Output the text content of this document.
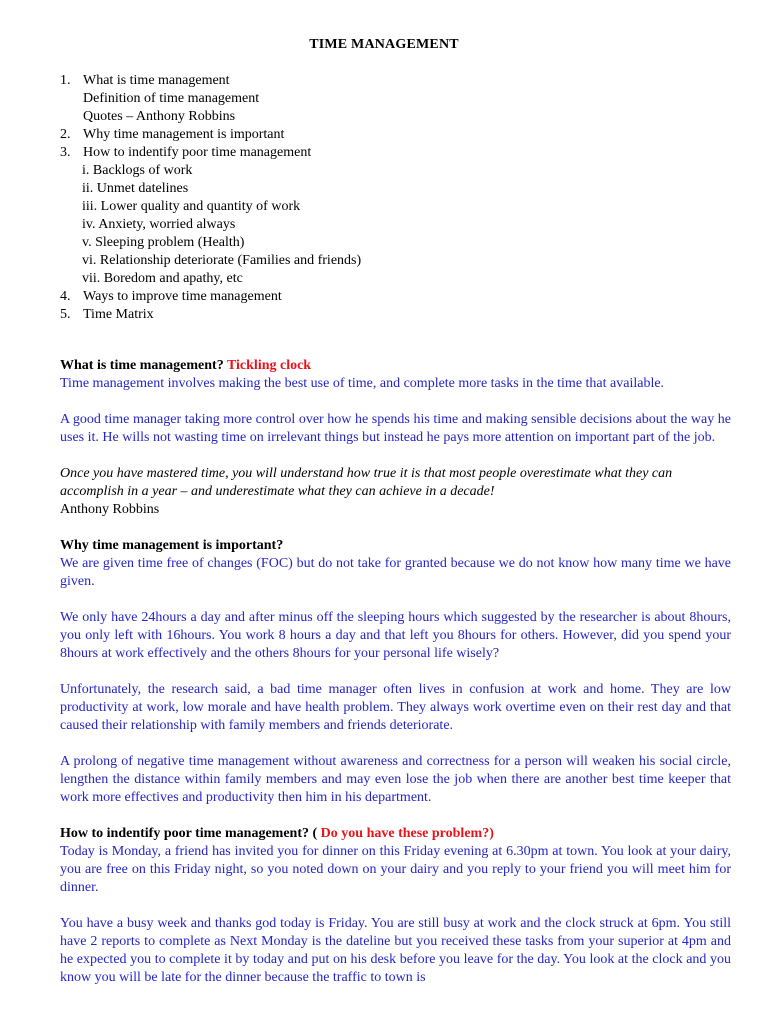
TIME MANAGEMENT
1. What is time management
Definition of time management
Quotes – Anthony Robbins
2. Why time management is important
3. How to indentify poor time management
i. Backlogs of work
ii. Unmet datelines
iii. Lower quality and quantity of work
iv. Anxiety, worried always
v. Sleeping problem (Health)
vi. Relationship deteriorate (Families and friends)
vii. Boredom and apathy, etc
4. Ways to improve time management
5. Time Matrix

What is time management? Tickling clock

Time management involves making the best use of time, and complete more tasks in the time that available.

A good time manager taking more control over how he spends his time and making sensible decisions about the way he uses it. He wills not wasting time on irrelevant things but instead he pays more attention on important part of the job.

Once you have mastered time, you will understand how true it is that most people overestimate what they can accomplish in a year – and underestimate what they can achieve in a decade!

Anthony Robbins

Why time management is important?

We are given time free of changes (FOC) but do not take for granted because we do not know how many time we have given.

We only have 24hours a day and after minus off the sleeping hours which suggested by the researcher is about 8hours, you only left with 16hours. You work 8 hours a day and that left you 8hours for others. However, did you spend your 8hours at work effectively and the others 8hours for your personal life wisely?

Unfortunately, the research said, a bad time manager often lives in confusion at work and home. They are low productivity at work, low morale and have health problem. They always work overtime even on their rest day and that caused their relationship with family members and friends deteriorate.

A prolong of negative time management without awareness and correctness for a person will weaken his social circle, lengthen the distance within family members and may even lose the job when there are another best time keeper that work more effectives and productivity then him in his department.

How to indentify poor time management? ( Do you have these problem?)

Today is Monday, a friend has invited you for dinner on this Friday evening at 6.30pm at town. You look at your dairy, you are free on this Friday night, so you noted down on your dairy and you reply to your friend you will meet him for dinner.

You have a busy week and thanks god today is Friday. You are still busy at work and the clock struck at 6pm. You still have 2 reports to complete as Next Monday is the dateline but you received these tasks from your superior at 4pm and he expected you to complete it by today and put on his desk before you leave for the day. You look at the clock and you know you will be late for the dinner because the traffic to town is
